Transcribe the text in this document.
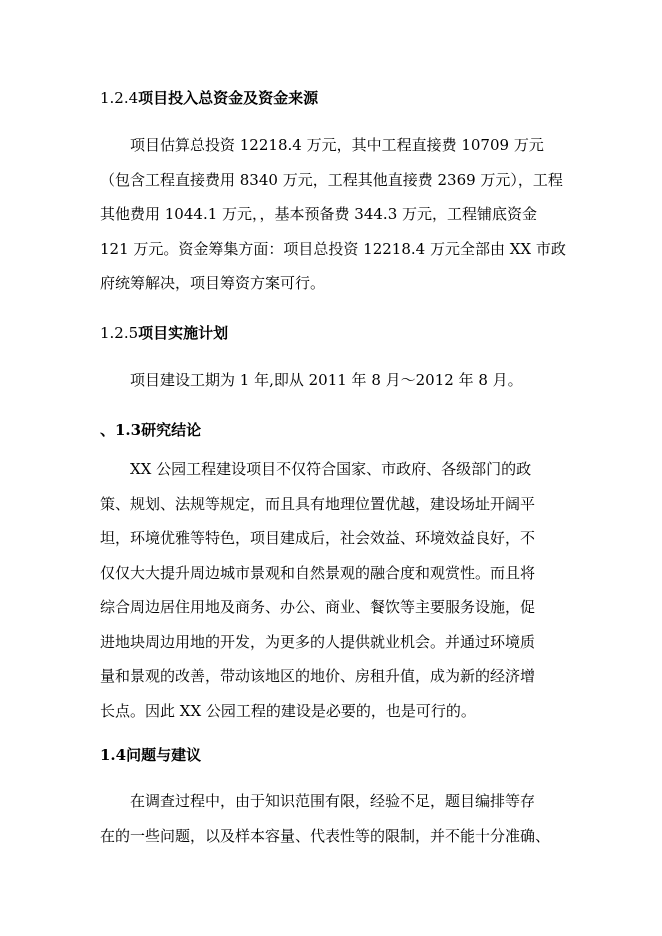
1.2.4项目投入总资金及资金来源
项目估算总投资 12218.4 万元，其中工程直接费 10709 万元
（包含工程直接费用 8340 万元，工程其他直接费 2369 万元），工程
其他费用 1044.1 万元，，基本预备费 344.3 万元，工程铺底资金
121 万元。资金筹集方面：项目总投资 12218.4 万元全部由 XX 市政
府统筹解决，项目筹资方案可行。
1.2.5项目实施计划
项目建设工期为 1 年,即从 2011 年 8 月～2012 年 8 月。
、1.3研究结论
XX 公园工程建设项目不仅符合国家、市政府、各级部门的政
策、规划、法规等规定，而且具有地理位置优越，建设场址开阔平
坦，环境优雅等特色，项目建成后，社会效益、环境效益良好，不
仅仅大大提升周边城市景观和自然景观的融合度和观赏性。而且将
综合周边居住用地及商务、办公、商业、餐饮等主要服务设施，促
进地块周边用地的开发，为更多的人提供就业机会。并通过环境质
量和景观的改善，带动该地区的地价、房租升值，成为新的经济增
长点。因此 XX 公园工程的建设是必要的，也是可行的。
1.4问题与建议
在调查过程中，由于知识范围有限，经验不足，题目编排等存
在的一些问题，以及样本容量、代表性等的限制，并不能十分准确、
